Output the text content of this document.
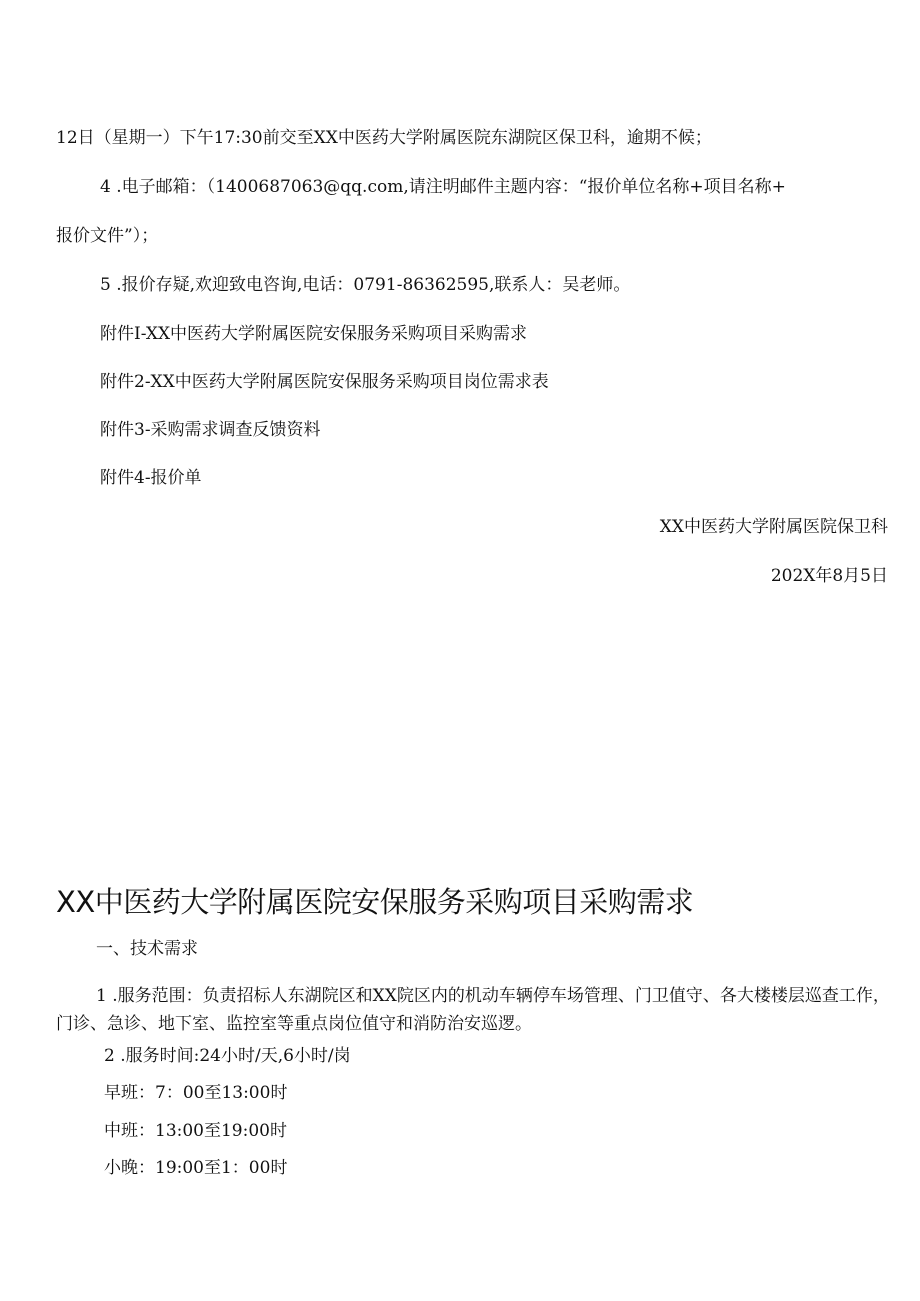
12日（星期一）下午17:30前交至XX中医药大学附属医院东湖院区保卫科，逾期不候；
4 .电子邮箱：（1400687063@qq.com,请注明邮件主题内容：“报价单位名称+项目名称+
报价文件”）；
5 .报价存疑,欢迎致电咨询,电话：0791-86362595,联系人：吴老师。
附件I-XX中医药大学附属医院安保服务采购项目采购需求
附件2-XX中医药大学附属医院安保服务采购项目岗位需求表
附件3-采购需求调查反馈资料
附件4-报价单
XX中医药大学附属医院保卫科
202X年8月5日
XX中医药大学附属医院安保服务采购项目采购需求
一、技术需求
1 .服务范围：负责招标人东湖院区和XX院区内的机动车辆停车场管理、门卫值守、各大楼楼层巡查工作，门诊、急诊、地下室、监控室等重点岗位值守和消防治安巡逻。
2 .服务时间:24小时/天,6小时/岗
早班：7：00至13:00时
中班：13:00至19:00时
小晚：19:00至1：00时
